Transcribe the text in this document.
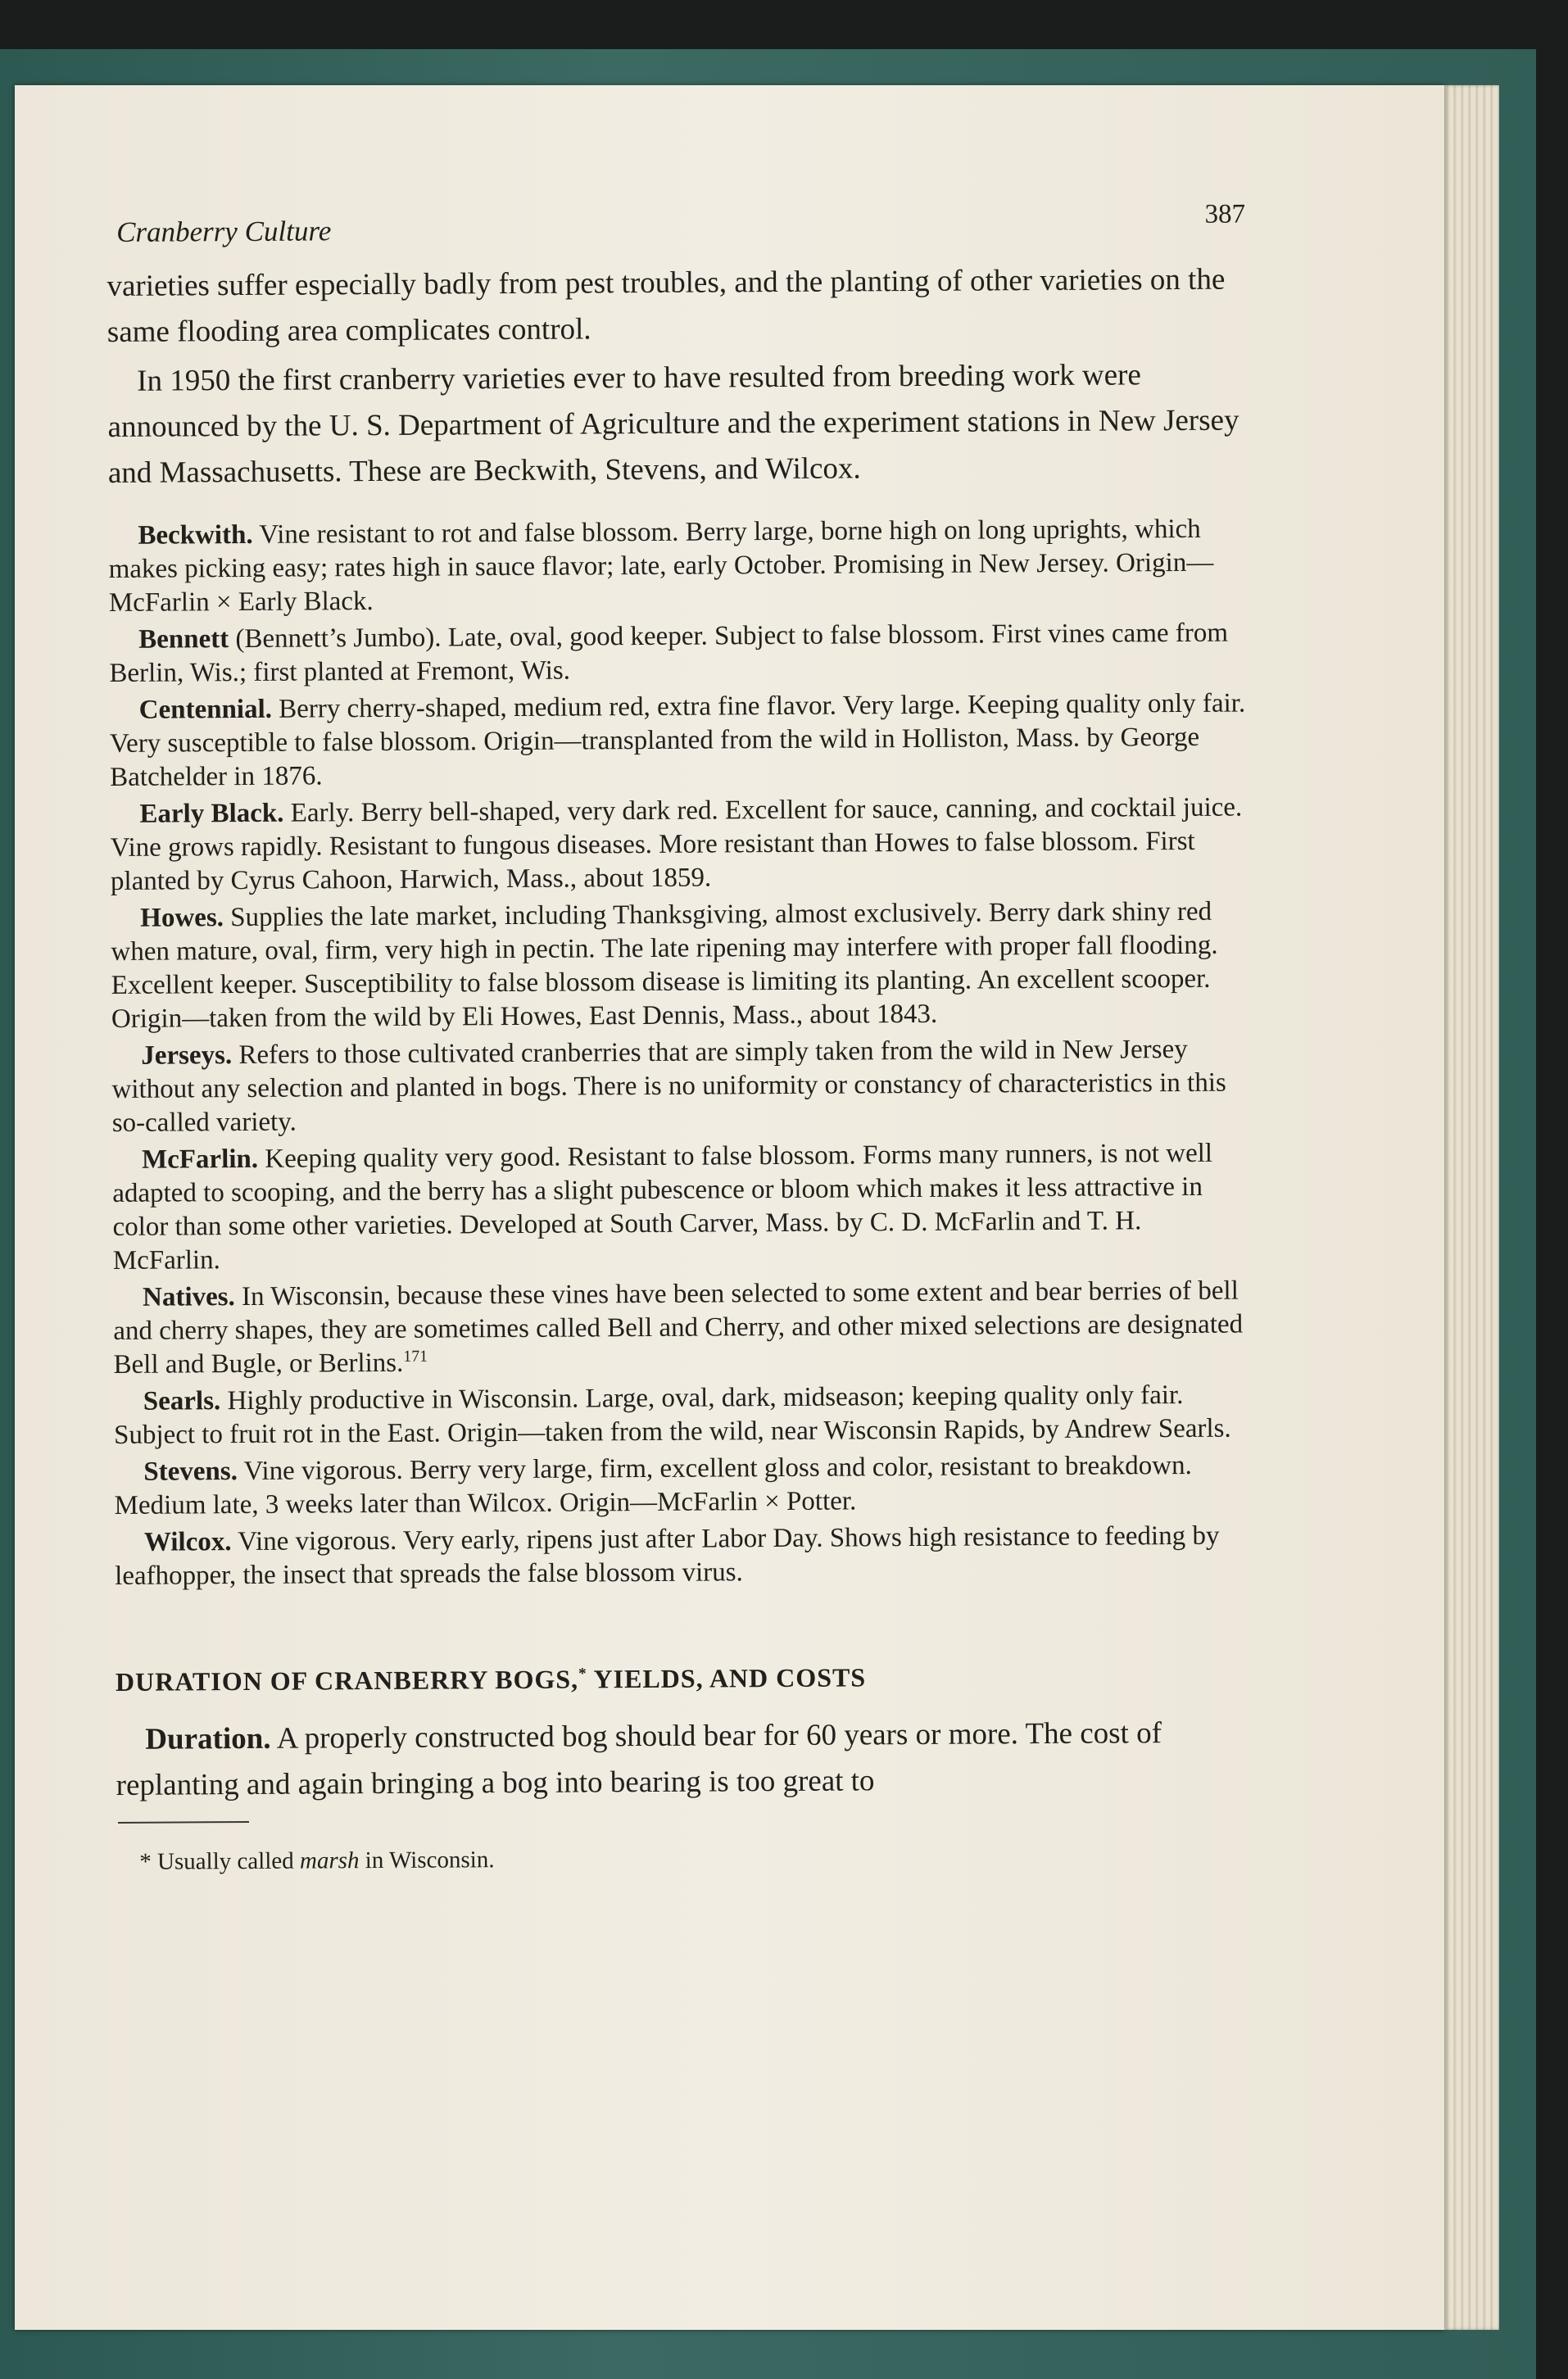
Cranberry Culture
387

varieties suffer especially badly from pest troubles, and the planting of other varieties on the same flooding area complicates control.

In 1950 the first cranberry varieties ever to have resulted from breeding work were announced by the U. S. Department of Agriculture and the experiment stations in New Jersey and Massachusetts. These are Beckwith, Stevens, and Wilcox.

Beckwith. Vine resistant to rot and false blossom. Berry large, borne high on long uprights, which makes picking easy; rates high in sauce flavor; late, early October. Promising in New Jersey. Origin—McFarlin × Early Black.

Bennett (Bennett’s Jumbo). Late, oval, good keeper. Subject to false blossom. First vines came from Berlin, Wis.; first planted at Fremont, Wis.

Centennial. Berry cherry-shaped, medium red, extra fine flavor. Very large. Keeping quality only fair. Very susceptible to false blossom. Origin—transplanted from the wild in Holliston, Mass. by George Batchelder in 1876.

Early Black. Early. Berry bell-shaped, very dark red. Excellent for sauce, canning, and cocktail juice. Vine grows rapidly. Resistant to fungous diseases. More resistant than Howes to false blossom. First planted by Cyrus Cahoon, Harwich, Mass., about 1859.

Howes. Supplies the late market, including Thanksgiving, almost exclusively. Berry dark shiny red when mature, oval, firm, very high in pectin. The late ripening may interfere with proper fall flooding. Excellent keeper. Susceptibility to false blossom disease is limiting its planting. An excellent scooper. Origin—taken from the wild by Eli Howes, East Dennis, Mass., about 1843.

Jerseys. Refers to those cultivated cranberries that are simply taken from the wild in New Jersey without any selection and planted in bogs. There is no uniformity or constancy of characteristics in this so-called variety.

McFarlin. Keeping quality very good. Resistant to false blossom. Forms many runners, is not well adapted to scooping, and the berry has a slight pubescence or bloom which makes it less attractive in color than some other varieties. Developed at South Carver, Mass. by C. D. McFarlin and T. H. McFarlin.

Natives. In Wisconsin, because these vines have been selected to some extent and bear berries of bell and cherry shapes, they are sometimes called Bell and Cherry, and other mixed selections are designated Bell and Bugle, or Berlins.$^{171}$

Searls. Highly productive in Wisconsin. Large, oval, dark, midseason; keeping quality only fair. Subject to fruit rot in the East. Origin—taken from the wild, near Wisconsin Rapids, by Andrew Searls.

Stevens. Vine vigorous. Berry very large, firm, excellent gloss and color, resistant to breakdown. Medium late, 3 weeks later than Wilcox. Origin—McFarlin × Potter.

Wilcox. Vine vigorous. Very early, ripens just after Labor Day. Shows high resistance to feeding by leafhopper, the insect that spreads the false blossom virus.

DURATION OF CRANBERRY BOGS,* YIELDS, AND COSTS

Duration. A properly constructed bog should bear for 60 years or more. The cost of replanting and again bringing a bog into bearing is too great to

* Usually called marsh in Wisconsin.
